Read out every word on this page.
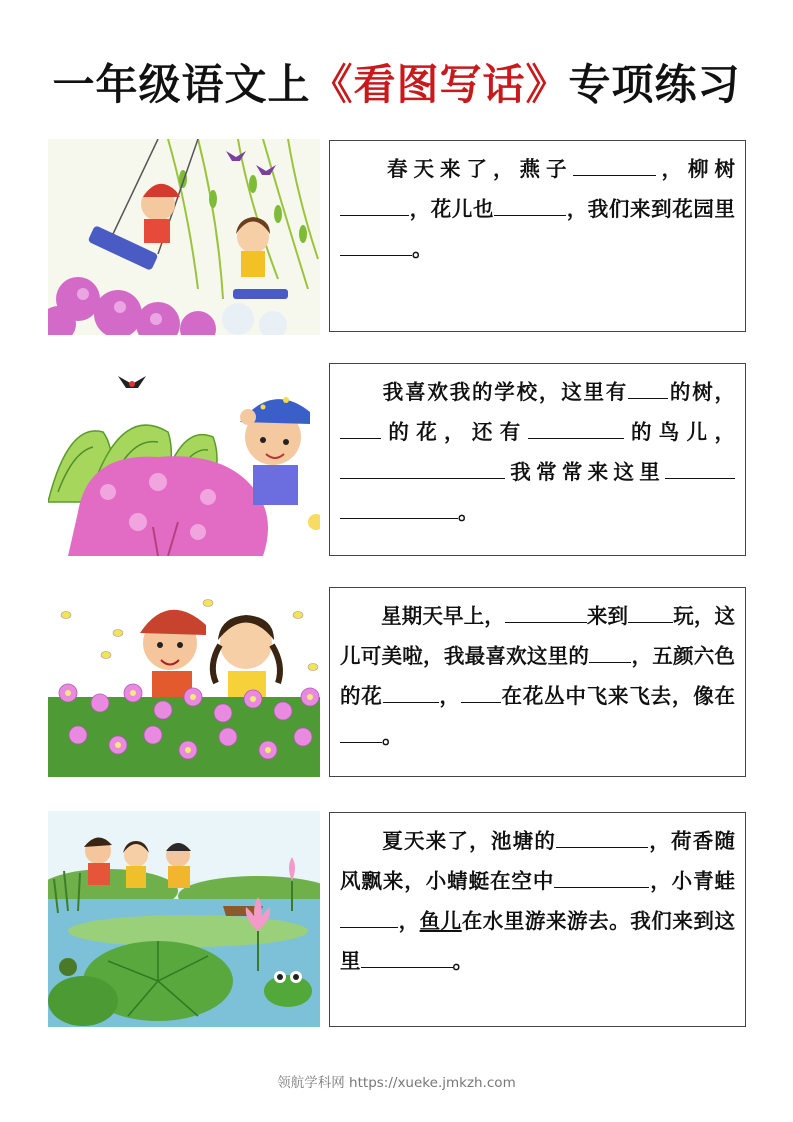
一年级语文上《看图写话》专项练习

春天来了，燕子	，柳树，花儿也	，我们来到花园里。

我喜欢我的学校，这里有 的树，的花，还有	的鸟儿，我常常来这里。

星期天早上，	来到 玩，这儿可美啦，我最喜欢这里的 ，五颜六色的花	， 在花丛中飞来飞去，像在。

夏天来了，池塘的	，荷香随风飘来，小蜻蜓在空中	，小青蛙，鱼儿在水里游来游去。我们来到这里	。

领航学科网 https://xueke.jmkzh.com
